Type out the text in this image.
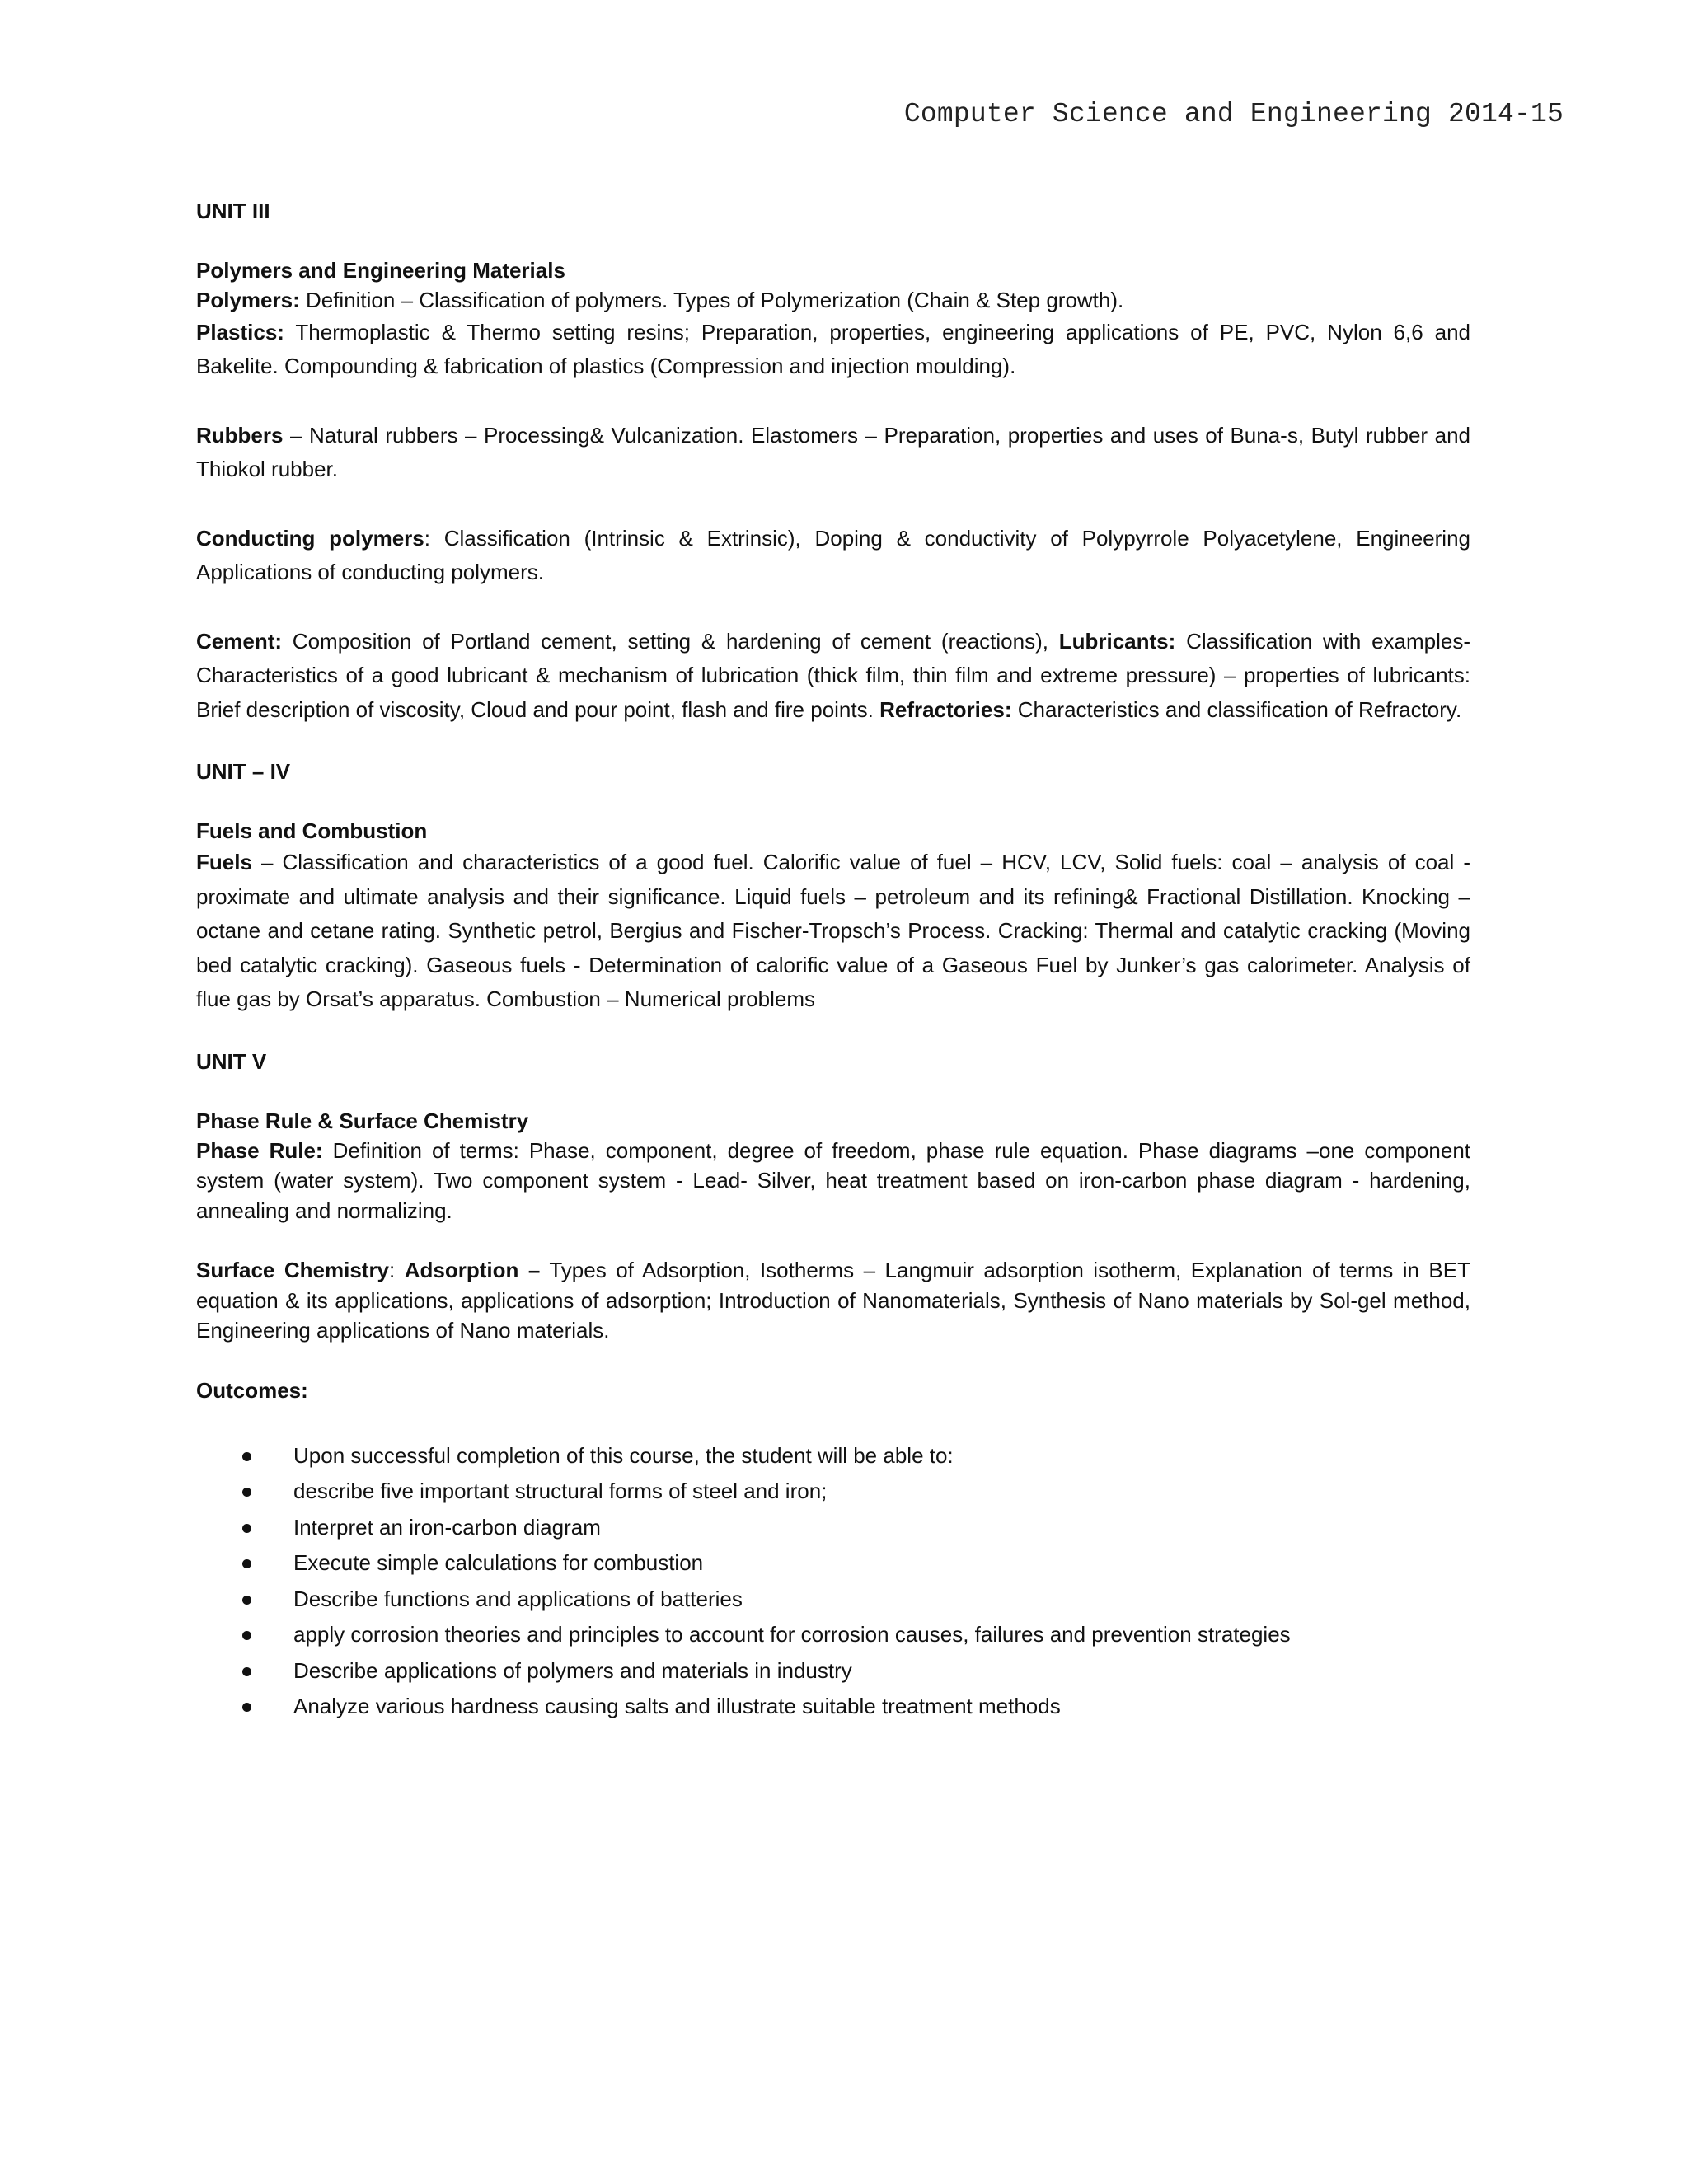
Computer Science and Engineering 2014-15
UNIT III
Polymers and Engineering Materials

Polymers: Definition – Classification of polymers. Types of Polymerization (Chain & Step growth).

Plastics: Thermoplastic & Thermo setting resins; Preparation, properties, engineering applications of PE, PVC, Nylon 6,6 and Bakelite. Compounding & fabrication of plastics (Compression and injection moulding).

Rubbers – Natural rubbers – Processing& Vulcanization. Elastomers – Preparation, properties and uses of Buna-s, Butyl rubber and Thiokol rubber.

Conducting polymers: Classification (Intrinsic & Extrinsic), Doping & conductivity of Polypyrrole Polyacetylene, Engineering Applications of conducting polymers.

Cement: Composition of Portland cement, setting & hardening of cement (reactions), Lubricants: Classification with examples- Characteristics of a good lubricant & mechanism of lubrication (thick film, thin film and extreme pressure) – properties of lubricants: Brief description of viscosity, Cloud and pour point, flash and fire points. Refractories: Characteristics and classification of Refractory.

UNIT – IV
Fuels and Combustion

Fuels – Classification and characteristics of a good fuel. Calorific value of fuel – HCV, LCV, Solid fuels: coal – analysis of coal - proximate and ultimate analysis and their significance. Liquid fuels – petroleum and its refining& Fractional Distillation. Knocking – octane and cetane rating. Synthetic petrol, Bergius and Fischer-Tropsch’s Process. Cracking: Thermal and catalytic cracking (Moving bed catalytic cracking). Gaseous fuels - Determination of calorific value of a Gaseous Fuel by Junker’s gas calorimeter. Analysis of flue gas by Orsat’s apparatus. Combustion – Numerical problems

UNIT V
Phase Rule & Surface Chemistry

Phase Rule: Definition of terms: Phase, component, degree of freedom, phase rule equation. Phase diagrams –one component system (water system). Two component system - Lead- Silver, heat treatment based on iron-carbon phase diagram - hardening, annealing and normalizing.

Surface Chemistry: Adsorption – Types of Adsorption, Isotherms – Langmuir adsorption isotherm, Explanation of terms in BET equation & its applications, applications of adsorption; Introduction of Nanomaterials, Synthesis of Nano materials by Sol-gel method, Engineering applications of Nano materials.

Outcomes:
Upon successful completion of this course, the student will be able to:
describe five important structural forms of steel and iron;
Interpret an iron-carbon diagram
Execute simple calculations for combustion
Describe functions and applications of batteries
apply corrosion theories and principles to account for corrosion causes, failures and prevention strategies
Describe applications of polymers and materials in industry
Analyze various hardness causing salts and illustrate suitable treatment methods
